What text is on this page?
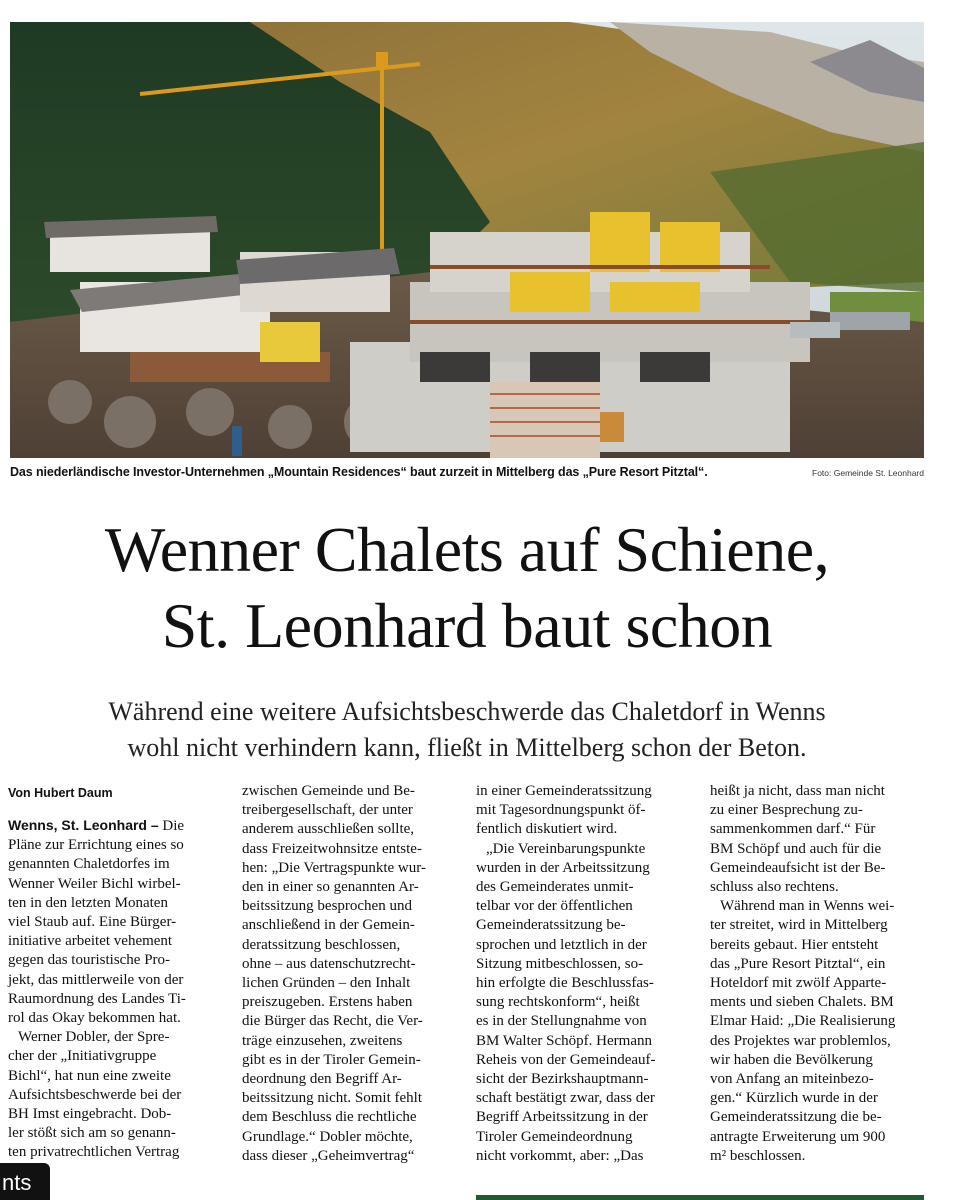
Das niederländische Investor-Unternehmen „Mountain Residences“ baut zurzeit in Mittelberg das „Pure Resort Pitztal“.	Foto: Gemeinde St. Leonhard
Wenner Chalets auf Schiene,
St. Leonhard baut schon
Während eine weitere Aufsichtsbeschwerde das Chaletdorf in Wenns
wohl nicht verhindern kann, fließt in Mittelberg schon der Beton.
Von Hubert Daum
Wenns, St. Leonhard – Die
Pläne zur Errichtung eines so
genannten Chaletdorfes im
Wenner Weiler Bichl wirbel-
ten in den letzten Monaten
viel Staub auf. Eine Bürger-
initiative arbeitet vehement
gegen das touristische Pro-
jekt, das mittlerweile von der
Raumordnung des Landes Ti-
rol das Okay bekommen hat.
Werner Dobler, der Spre-
cher der „Initiativgruppe
Bichl“, hat nun eine zweite
Aufsichtsbeschwerde bei der
BH Imst eingebracht. Dob-
ler stößt sich am so genann-
ten privatrechtlichen Vertrag
zwischen Gemeinde und Be-
treibergesellschaft, der unter
anderem ausschließen sollte,
dass Freizeitwohnsitze entste-
hen: „Die Vertragspunkte wur-
den in einer so genannten Ar-
beitssitzung besprochen und
anschließend in der Gemein-
deratssitzung beschlossen,
ohne – aus datenschutzrecht-
lichen Gründen – den Inhalt
preiszugeben. Erstens haben
die Bürger das Recht, die Ver-
träge einzusehen, zweitens
gibt es in der Tiroler Gemein-
deordnung den Begriff Ar-
beitssitzung nicht. Somit fehlt
dem Beschluss die rechtliche
Grundlage.“ Dobler möchte,
dass dieser „Geheimvertrag“
in einer Gemeinderatssitzung
mit Tagesordnungspunkt öf-
fentlich diskutiert wird.
„Die Vereinbarungspunkte
wurden in der Arbeitssitzung
des Gemeinderates unmit-
telbar vor der öffentlichen
Gemeinderatssitzung be-
sprochen und letztlich in der
Sitzung mitbeschlossen, so-
hin erfolgte die Beschlussfas-
sung rechtskonform“, heißt
es in der Stellungnahme von
BM Walter Schöpf. Hermann
Reheis von der Gemeindeauf-
sicht der Bezirkshauptmann-
schaft bestätigt zwar, dass der
Begriff Arbeitssitzung in der
Tiroler Gemeindeordnung
nicht vorkommt, aber: „Das
heißt ja nicht, dass man nicht
zu einer Besprechung zu-
sammenkommen darf.“ Für
BM Schöpf und auch für die
Gemeindeaufsicht ist der Be-
schluss also rechtens.
Während man in Wenns wei-
ter streitet, wird in Mittelberg
bereits gebaut. Hier entsteht
das „Pure Resort Pitztal“, ein
Hoteldorf mit zwölf Apparte-
ments und sieben Chalets. BM
Elmar Haid: „Die Realisierung
des Projektes war problemlos,
wir haben die Bevölkerung
von Anfang an miteinbezo-
gen.“ Kürzlich wurde in der
Gemeinderatssitzung die be-
antragte Erweiterung um 900
m² beschlossen.
nts
